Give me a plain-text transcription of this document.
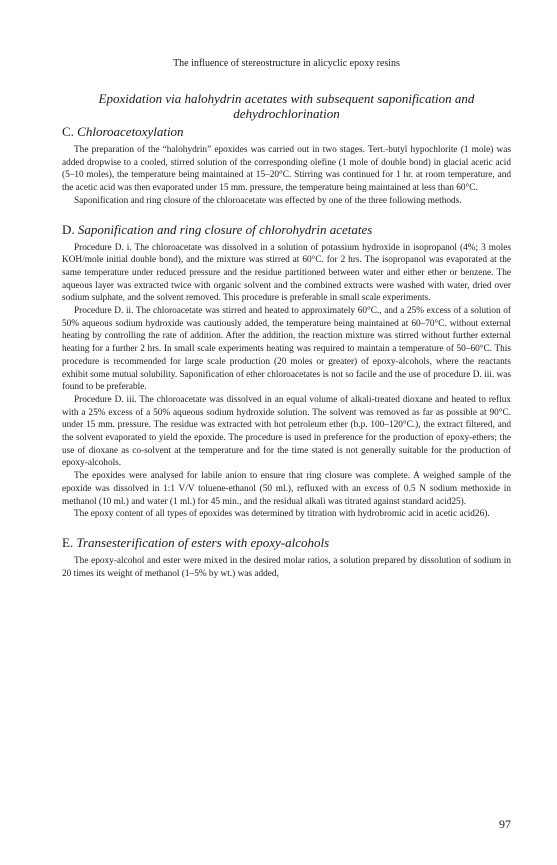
The influence of stereostructure in alicyclic epoxy resins
Epoxidation via halohydrin acetates with subsequent saponification and dehydrochlorination
C. Chloroacetoxylation

The preparation of the “halohydrin” epoxides was carried out in two stages. Tert.-butyl hypochlorite (1 mole) was added dropwise to a cooled, stirred solution of the corresponding olefine (1 mole of double bond) in glacial acetic acid (5–10 moles), the temperature being maintained at 15–20°C. Stirring was continued for 1 hr. at room temperature, and the acetic acid was then evaporated under 15 mm. pressure, the temperature being maintained at less than 60°C.

Saponification and ring closure of the chloroacetate was effected by one of the three following methods.

D. Saponification and ring closure of chlorohydrin acetates

Procedure D. i. The chloroacetate was dissolved in a solution of potassium hydroxide in isopropanol (4%; 3 moles KOH/mole initial double bond), and the mixture was stirred at 60°C. for 2 hrs. The isopropanol was evaporated at the same temperature under reduced pressure and the residue partitioned between water and either ether or benzene. The aqueous layer was extracted twice with organic solvent and the combined extracts were washed with water, dried over sodium sulphate, and the solvent removed. This procedure is preferable in small scale experiments.

Procedure D. ii. The chloroacetate was stirred and heated to approximately 60°C., and a 25% excess of a solution of 50% aqueous sodium hydroxide was cautiously added, the temperature being maintained at 60–70°C. without external heating by controlling the rate of addition. After the addition, the reaction mixture was stirred without further external heating for a further 2 hrs. In small scale experiments heating was required to maintain a temperature of 50–60°C. This procedure is recommended for large scale production (20 moles or greater) of epoxy-alcohols, where the reactants exhibit some mutual solubility. Saponification of ether chloroacetates is not so facile and the use of procedure D. iii. was found to be preferable.

Procedure D. iii. The chloroacetate was dissolved in an equal volume of alkali-treated dioxane and heated to reflux with a 25% excess of a 50% aqueous sodium hydroxide solution. The solvent was removed as far as possible at 90°C. under 15 mm. pressure. The residue was extracted with hot petroleum ether (b.p. 100–120°C.), the extract filtered, and the solvent evaporated to yield the epoxide. The procedure is used in preference for the production of epoxy-ethers; the use of dioxane as co-solvent at the temperature and for the time stated is not generally suitable for the production of epoxy-alcohols.

The epoxides were analysed for labile anion to ensure that ring closure was complete. A weighed sample of the epoxide was dissolved in 1:1 V/V toluene-ethanol (50 ml.), refluxed with an excess of 0.5 N sodium methoxide in methanol (10 ml.) and water (1 ml.) for 45 min., and the residual alkali was titrated against standard acid25).

The epoxy content of all types of epoxides was determined by titration with hydrobromic acid in acetic acid26).

E. Transesterification of esters with epoxy-alcohols

The epoxy-alcohol and ester were mixed in the desired molar ratios, a solution prepared by dissolution of sodium in 20 times its weight of methanol (1–5% by wt.) was added,

97
